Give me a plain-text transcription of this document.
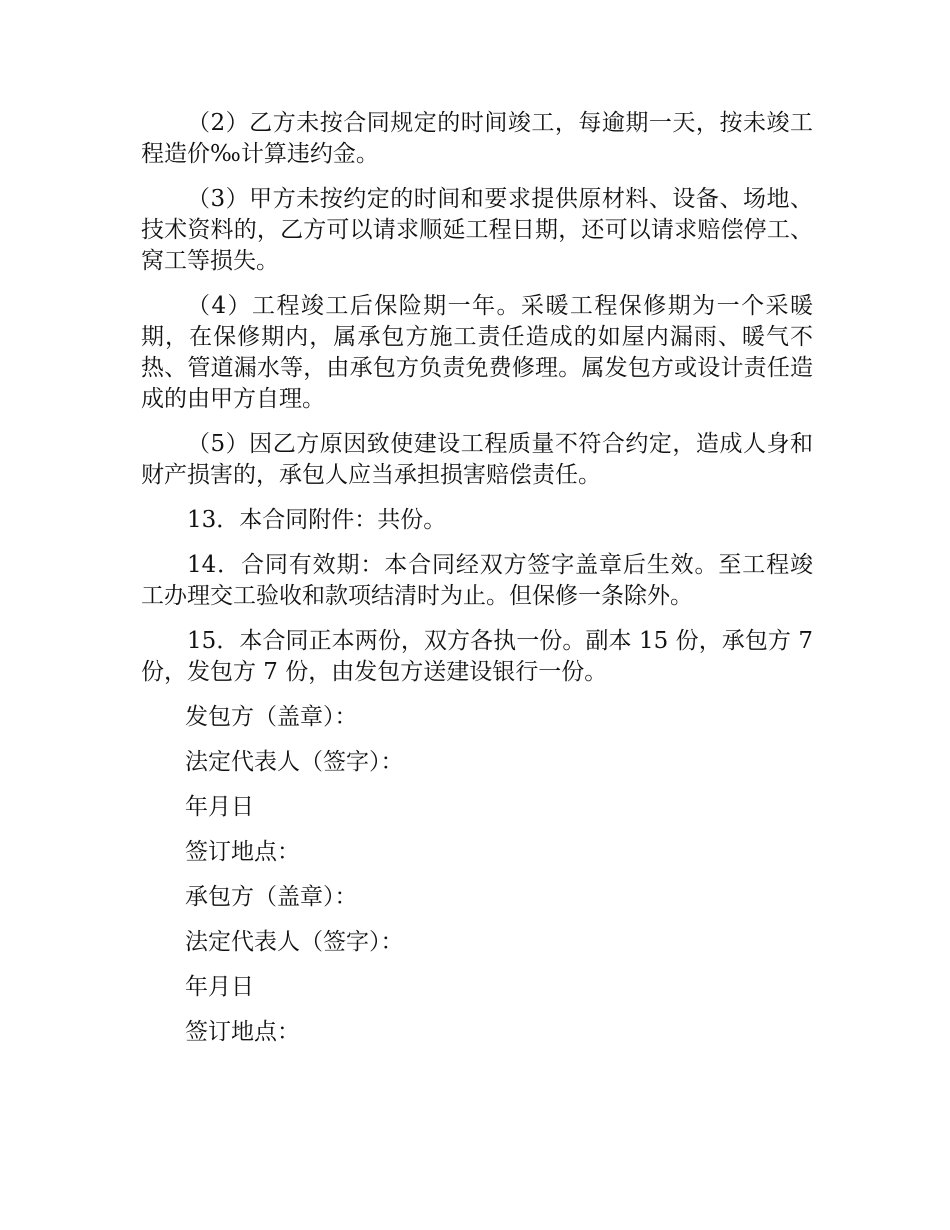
（2）乙方未按合同规定的时间竣工，每逾期一天，按未竣工程造价‰计算违约金。

（3）甲方未按约定的时间和要求提供原材料、设备、场地、技术资料的，乙方可以请求顺延工程日期，还可以请求赔偿停工、窝工等损失。

（4）工程竣工后保险期一年。采暖工程保修期为一个采暖期，在保修期内，属承包方施工责任造成的如屋内漏雨、暖气不热、管道漏水等，由承包方负责免费修理。属发包方或设计责任造成的由甲方自理。

（5）因乙方原因致使建设工程质量不符合约定，造成人身和财产损害的，承包人应当承担损害赔偿责任。

13．本合同附件：共份。

14．合同有效期：本合同经双方签字盖章后生效。至工程竣工办理交工验收和款项结清时为止。但保修一条除外。

15．本合同正本两份，双方各执一份。副本 15 份，承包方 7 份，发包方 7 份，由发包方送建设银行一份。

发包方（盖章）：
法定代表人（签字）：
年月日
签订地点：
承包方（盖章）：
法定代表人（签字）：
年月日
签订地点：
